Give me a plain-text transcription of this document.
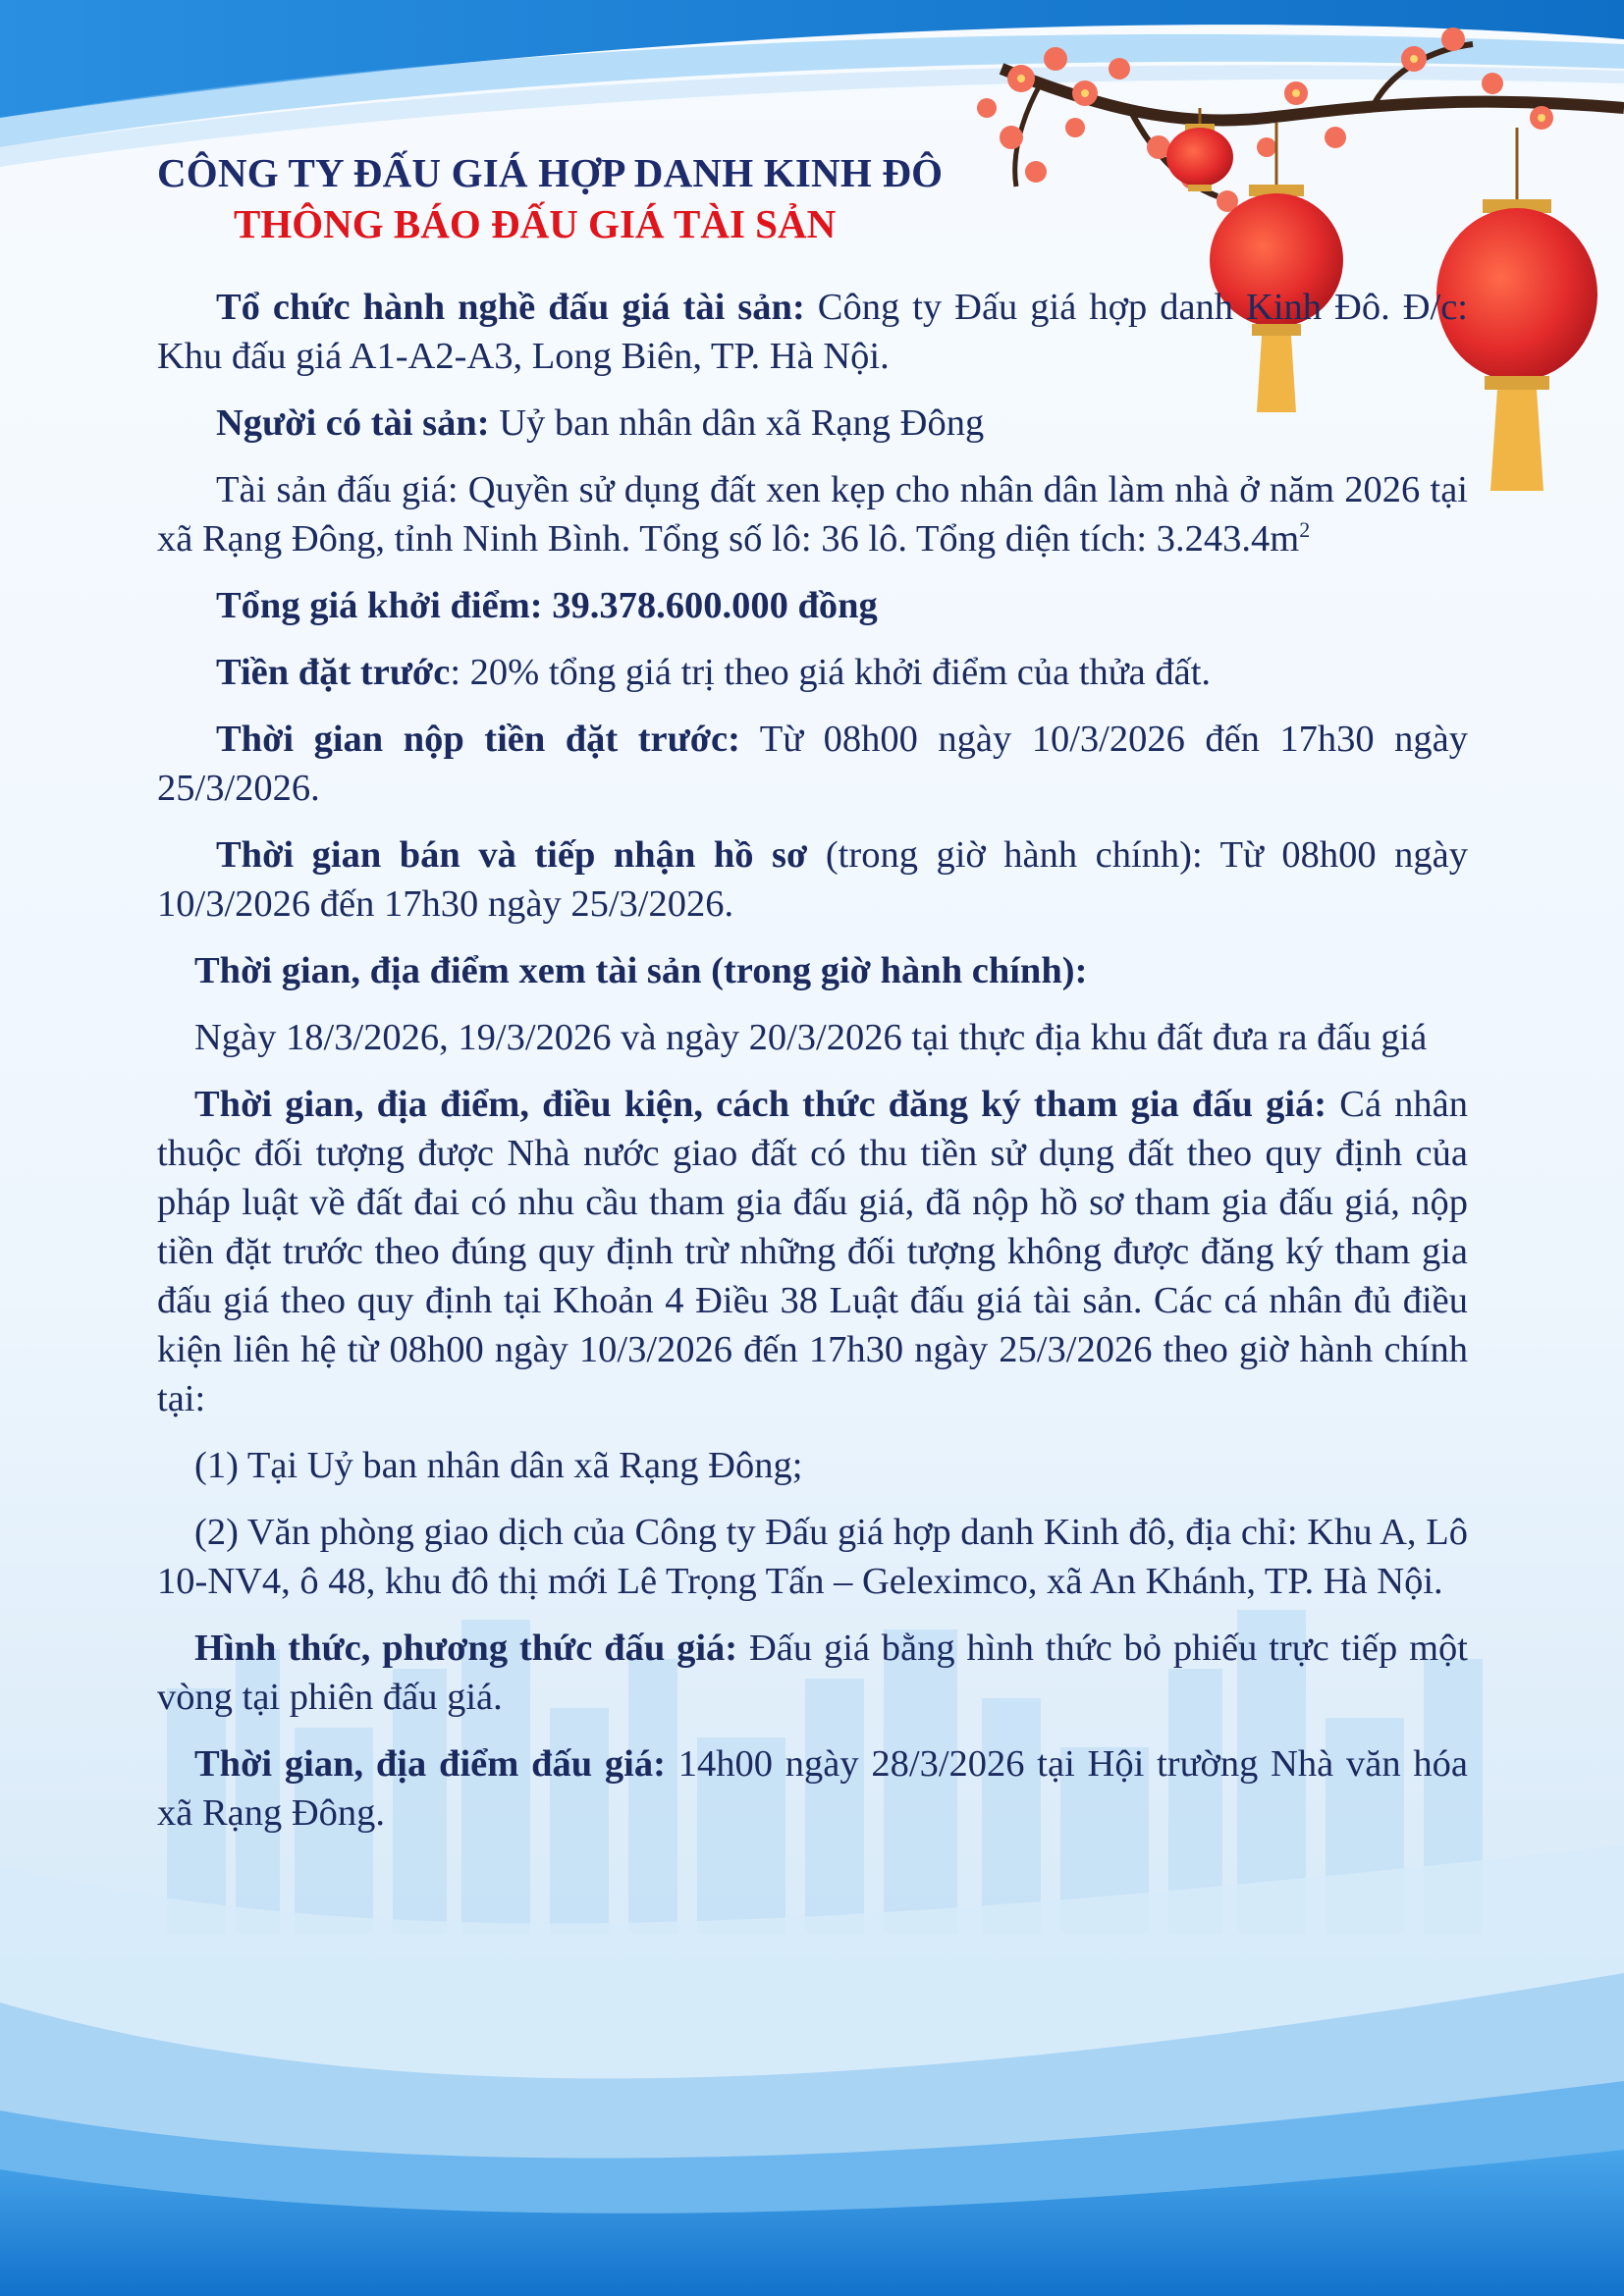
CÔNG TY ĐẤU GIÁ HỢP DANH KINH ĐÔ

THÔNG BÁO ĐẤU GIÁ TÀI SẢN

Tổ chức hành nghề đấu giá tài sản: Công ty Đấu giá hợp danh Kinh Đô. Đ/c: Khu đấu giá A1-A2-A3, Long Biên, TP. Hà Nội.

Người có tài sản: Uỷ ban nhân dân xã Rạng Đông

Tài sản đấu giá: Quyền sử dụng đất xen kẹp cho nhân dân làm nhà ở năm 2026 tại xã Rạng Đông, tỉnh Ninh Bình. Tổng số lô: 36 lô. Tổng diện tích: $3.243.4m^2$

Tổng giá khởi điểm: 39.378.600.000 đồng

Tiền đặt trước: 20% tổng giá trị theo giá khởi điểm của thửa đất.

Thời gian nộp tiền đặt trước: Từ 08h00 ngày 10/3/2026 đến 17h30 ngày 25/3/2026.

Thời gian bán và tiếp nhận hồ sơ (trong giờ hành chính): Từ 08h00 ngày 10/3/2026 đến 17h30 ngày 25/3/2026.

Thời gian, địa điểm xem tài sản (trong giờ hành chính):

Ngày 18/3/2026, 19/3/2026 và ngày 20/3/2026 tại thực địa khu đất đưa ra đấu giá

Thời gian, địa điểm, điều kiện, cách thức đăng ký tham gia đấu giá: Cá nhân thuộc đối tượng được Nhà nước giao đất có thu tiền sử dụng đất theo quy định của pháp luật về đất đai có nhu cầu tham gia đấu giá, đã nộp hồ sơ tham gia đấu giá, nộp tiền đặt trước theo đúng quy định trừ những đối tượng không được đăng ký tham gia đấu giá theo quy định tại Khoản 4 Điều 38 Luật đấu giá tài sản. Các cá nhân đủ điều kiện liên hệ từ 08h00 ngày 10/3/2026 đến 17h30 ngày 25/3/2026 theo giờ hành chính tại:

(1) Tại Uỷ ban nhân dân xã Rạng Đông;

(2) Văn phòng giao dịch của Công ty Đấu giá hợp danh Kinh đô, địa chỉ: Khu A, Lô 10-NV4, ô 48, khu đô thị mới Lê Trọng Tấn – Geleximco, xã An Khánh, TP. Hà Nội.

Hình thức, phương thức đấu giá: Đấu giá bằng hình thức bỏ phiếu trực tiếp một vòng tại phiên đấu giá.

Thời gian, địa điểm đấu giá: 14h00 ngày 28/3/2026 tại Hội trường Nhà văn hóa xã Rạng Đông.
